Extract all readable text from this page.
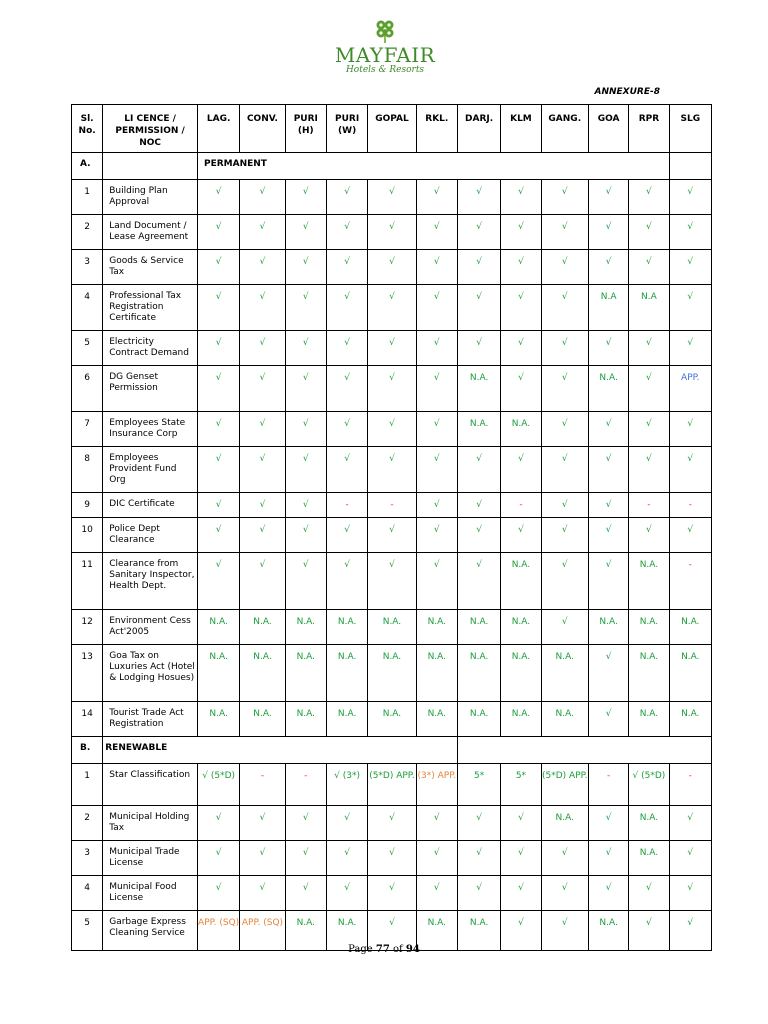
MAYFAIR
Hotels & Resorts
ANNEXURE-8
Sl. No.	LI CENCE / PERMISSION / NOC	LAG.	CONV.	PURI (H)	PURI (W)	GOPAL	RKL.	DARJ.	KLM	GANG.	GOA	RPR	SLG
A.		PERMANENT											
1	Building Plan Approval	√	√	√	√	√	√	√	√	√	√	√	√
2	Land Document / Lease Agreement	√	√	√	√	√	√	√	√	√	√	√	√
3	Goods & Service Tax	√	√	√	√	√	√	√	√	√	√	√	√
4	Professional Tax Registration Certificate	√	√	√	√	√	√	√	√	√	N.A	N.A	√
5	Electricity Contract Demand	√	√	√	√	√	√	√	√	√	√	√	√
6	DG Genset Permission	√	√	√	√	√	√	N.A.	√	√	N.A.	√	APP.
7	Employees State Insurance Corp	√	√	√	√	√	√	N.A.	N.A.	√	√	√	√
8	Employees Provident Fund Org	√	√	√	√	√	√	√	√	√	√	√	√
9	DIC Certificate	√	√	√	-	-	√	√	-	√	√	-	-
10	Police Dept Clearance	√	√	√	√	√	√	√	√	√	√	√	√
11	Clearance from Sanitary Inspector, Health Dept.	√	√	√	√	√	√	√	N.A.	√	√	N.A.	-
12	Environment Cess Act'2005	N.A.	N.A.	N.A.	N.A.	N.A.	N.A.	N.A.	N.A.	√	N.A.	N.A.	N.A.
13	Goa Tax on Luxuries Act (Hotel & Lodging Hosues)	N.A.	N.A.	N.A.	N.A.	N.A.	N.A.	N.A.	N.A.	N.A.	√	N.A.	N.A.
14	Tourist Trade Act Registration	N.A.	N.A.	N.A.	N.A.	N.A.	N.A.	N.A.	N.A.	N.A.	√	N.A.	N.A.
B.	RENEWABLE												
1	Star Classification	√ (5*D)	-	-	√ (3*)	(5*D) APP.	(3*) APP.	5*	5*	(5*D) APP.	-	√ (5*D)	-
2	Municipal Holding Tax	√	√	√	√	√	√	√	√	N.A.	√	N.A.	√
3	Municipal Trade License	√	√	√	√	√	√	√	√	√	√	N.A.	√
4	Municipal Food License	√	√	√	√	√	√	√	√	√	√	√	√
5	Garbage Express Cleaning Service	APP. (SQ)	APP. (SQ)	N.A.	N.A.	√	N.A.	N.A.	√	√	N.A.	√	√
Page 77 of 94
